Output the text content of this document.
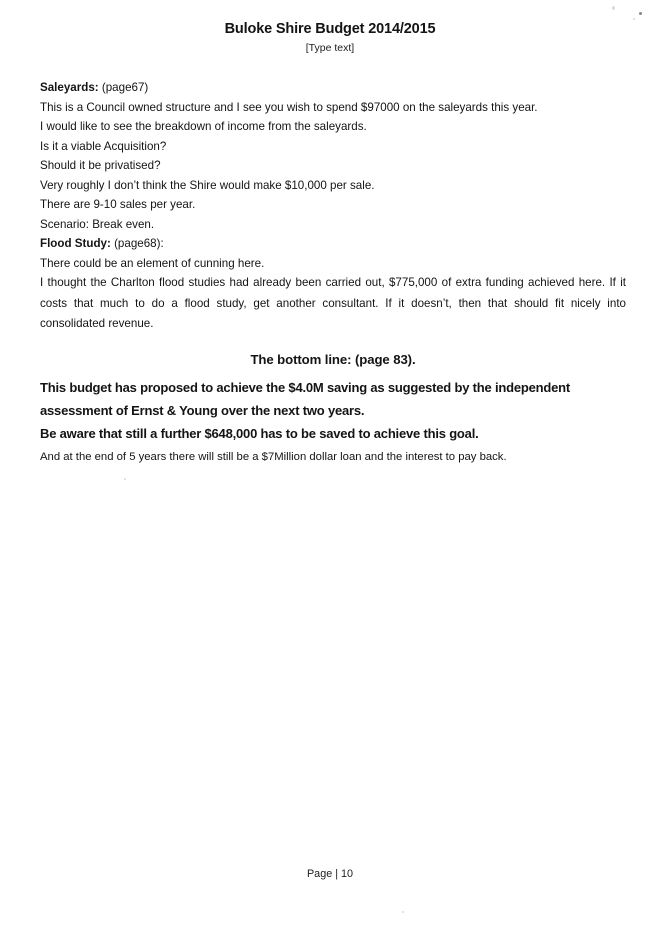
Buloke Shire Budget 2014/2015
[Type text]
Saleyards: (page67)
This is a Council owned structure and I see you wish to spend $97000 on the saleyards this year.
I would like to see the breakdown of income from the saleyards.
Is it a viable Acquisition?
Should it be privatised?
Very roughly I don’t think the Shire would make $10,000 per sale.
There are 9-10 sales per year.
Scenario: Break even.
Flood Study: (page68):
There could be an element of cunning here.
I thought the Charlton flood studies had already been carried out, $775,000 of extra funding achieved here. If it costs that much to do a flood study, get another consultant. If it doesn’t, then that should fit nicely into consolidated revenue.
The bottom line: (page 83).
This budget has proposed to achieve the $4.0M saving as suggested by the independent assessment of Ernst & Young over the next two years.
Be aware that still a further $648,000 has to be saved to achieve this goal.
And at the end of 5 years there will still be a $7Million dollar loan and the interest to pay back.
Page | 10
